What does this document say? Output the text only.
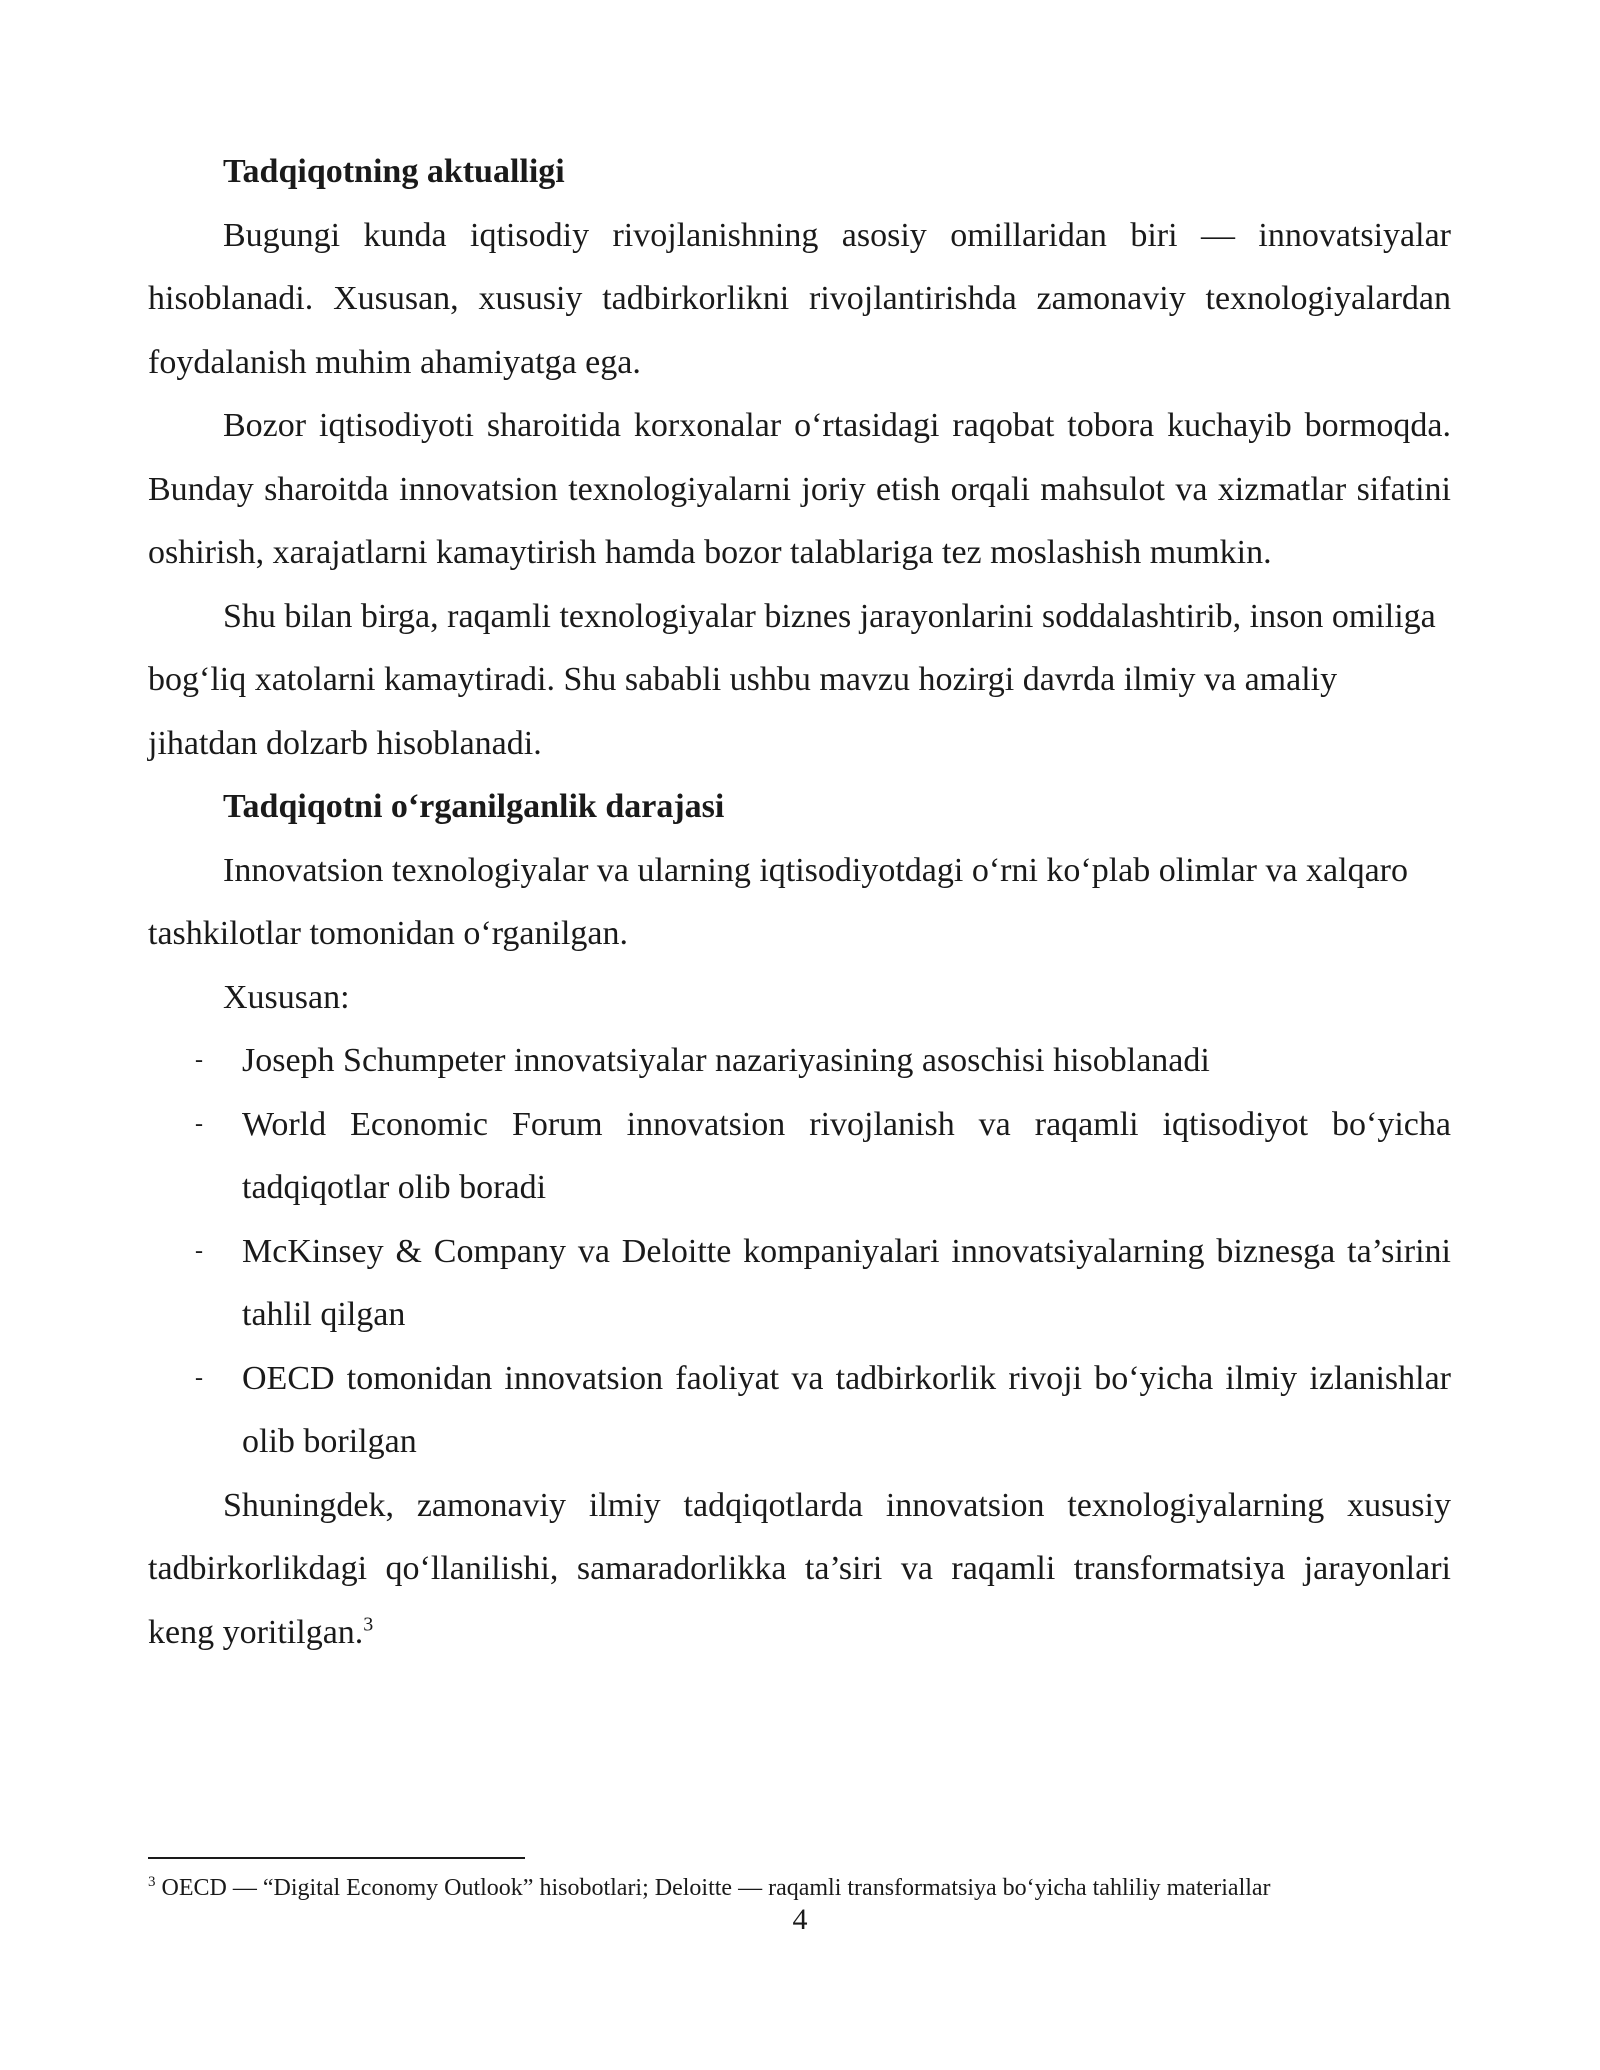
Tadqiqotning aktualligi

Bugungi kunda iqtisodiy rivojlanishning asosiy omillaridan biri — innovatsiyalar hisoblanadi. Xususan, xususiy tadbirkorlikni rivojlantirishda zamonaviy texnologiyalardan foydalanish muhim ahamiyatga ega.

Bozor iqtisodiyoti sharoitida korxonalar o‘rtasidagi raqobat tobora kuchayib bormoqda. Bunday sharoitda innovatsion texnologiyalarni joriy etish orqali mahsulot va xizmatlar sifatini oshirish, xarajatlarni kamaytirish hamda bozor talablariga tez moslashish mumkin.

Shu bilan birga, raqamli texnologiyalar biznes jarayonlarini soddalashtirib, inson omiliga bog‘liq xatolarni kamaytiradi. Shu sababli ushbu mavzu hozirgi davrda ilmiy va amaliy jihatdan dolzarb hisoblanadi.

Tadqiqotni o‘rganilganlik darajasi

Innovatsion texnologiyalar va ularning iqtisodiyotdagi o‘rni ko‘plab olimlar va xalqaro tashkilotlar tomonidan o‘rganilgan.

Xususan:

- Joseph Schumpeter innovatsiyalar nazariyasining asoschisi hisoblanadi
- World Economic Forum innovatsion rivojlanish va raqamli iqtisodiyot bo‘yicha tadqiqotlar olib boradi
- McKinsey & Company va Deloitte kompaniyalari innovatsiyalarning biznesga ta’sirini tahlil qilgan
- OECD tomonidan innovatsion faoliyat va tadbirkorlik rivoji bo‘yicha ilmiy izlanishlar olib borilgan

Shuningdek, zamonaviy ilmiy tadqiqotlarda innovatsion texnologiyalarning xususiy tadbirkorlikdagi qo‘llanilishi, samaradorlikka ta’siri va raqamli transformatsiya jarayonlari keng yoritilgan.$^3$

$^3$ OECD — “Digital Economy Outlook” hisobotlari; Deloitte — raqamli transformatsiya bo‘yicha tahliliy materiallar
4
